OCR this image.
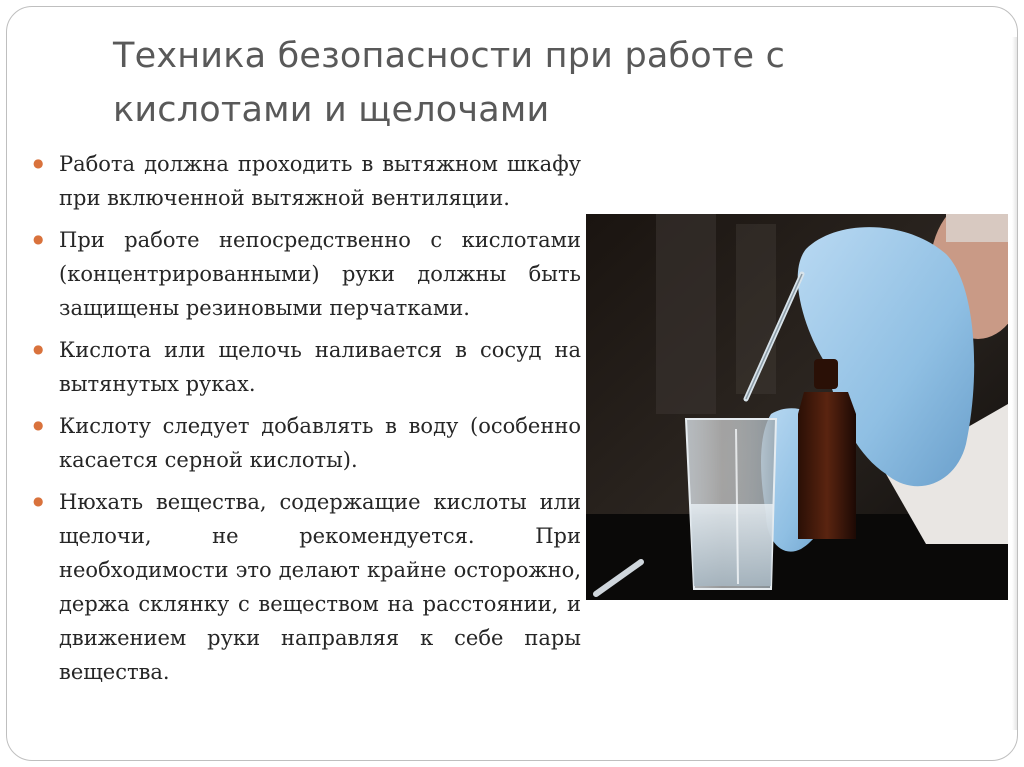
Техника безопасности при работе с кислотами и щелочами
● Работа должна проходить в вытяжном шкафу при включенной вытяжной вентиляции.
● При работе непосредственно с кислотами (концентрированными) руки должны быть защищены резиновыми перчатками.
● Кислота или щелочь наливается в сосуд на вытянутых руках.
● Кислоту следует добавлять в воду (особенно касается серной кислоты).
● Нюхать вещества, содержащие кислоты или щелочи, не рекомендуется. При необходимости это делают крайне осторожно, держа склянку с веществом на расстоянии, и движением руки направляя к себе пары вещества.
